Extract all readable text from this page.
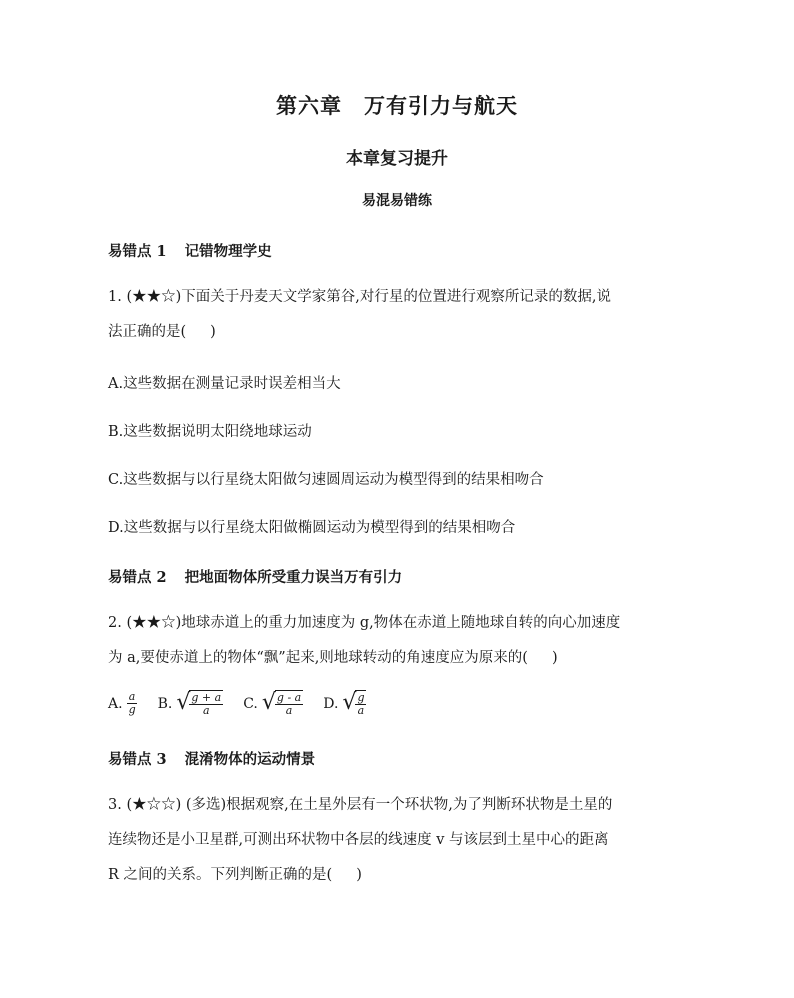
第六章　万有引力与航天
本章复习提升
易混易错练
易错点 1 记错物理学史
1. (★★☆)下面关于丹麦天文学家第谷,对行星的位置进行观察所记录的数据,说
法正确的是( )
A.这些数据在测量记录时误差相当大
B.这些数据说明太阳绕地球运动
C.这些数据与以行星绕太阳做匀速圆周运动为模型得到的结果相吻合
D.这些数据与以行星绕太阳做椭圆运动为模型得到的结果相吻合
易错点 2 把地面物体所受重力误当万有引力
2. (★★☆)地球赤道上的重力加速度为 g,物体在赤道上随地球自转的向心加速度
为 a,要使赤道上的物体“飘”起来,则地球转动的角速度应为原来的( )
A. $\frac{a}{g} B$. √ $\frac{g + a}{a} C$. √ $\frac{g - a}{a} D$. √ $\frac{g}{a}$
易错点 3 混淆物体的运动情景
3. (★☆☆) (多选)根据观察,在土星外层有一个环状物,为了判断环状物是土星的
连续物还是小卫星群,可测出环状物中各层的线速度 v 与该层到土星中心的距离
R 之间的关系。下列判断正确的是( )
